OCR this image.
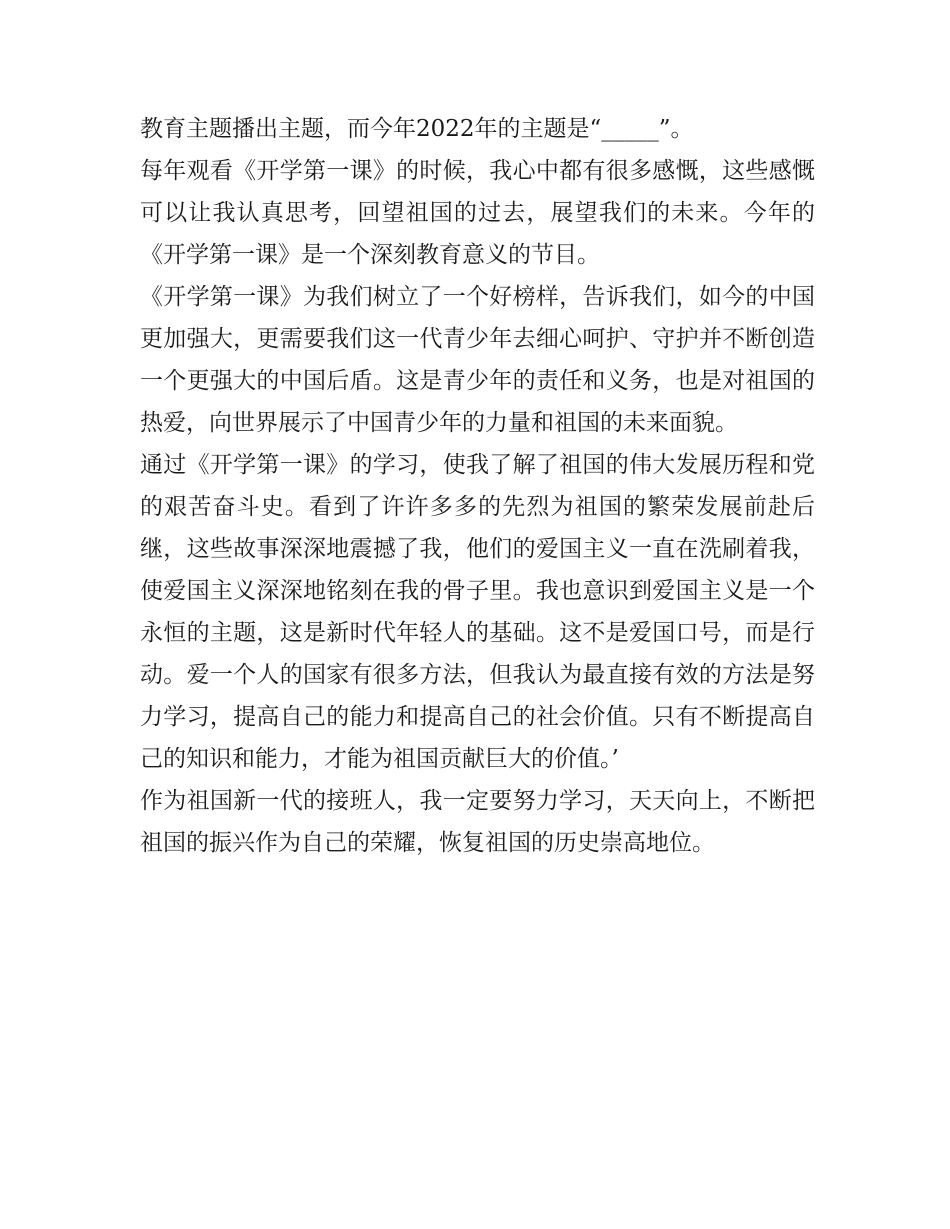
教育主题播出主题，而今年2022年的主题是“_____”。

每年观看《开学第一课》的时候，我心中都有很多感慨，这些感慨可以让我认真思考，回望祖国的过去，展望我们的未来。今年的《开学第一课》是一个深刻教育意义的节目。

《开学第一课》为我们树立了一个好榜样，告诉我们，如今的中国更加强大，更需要我们这一代青少年去细心呵护、守护并不断创造一个更强大的中国后盾。这是青少年的责任和义务，也是对祖国的热爱，向世界展示了中国青少年的力量和祖国的未来面貌。

通过《开学第一课》的学习，使我了解了祖国的伟大发展历程和党的艰苦奋斗史。看到了许许多多的先烈为祖国的繁荣发展前赴后继，这些故事深深地震撼了我，他们的爱国主义一直在洗刷着我，使爱国主义深深地铭刻在我的骨子里。我也意识到爱国主义是一个永恒的主题，这是新时代年轻人的基础。这不是爱国口号，而是行动。爱一个人的国家有很多方法，但我认为最直接有效的方法是努力学习，提高自己的能力和提高自己的社会价值。只有不断提高自己的知识和能力，才能为祖国贡献巨大的价值。’

作为祖国新一代的接班人，我一定要努力学习，天天向上，不断把祖国的振兴作为自己的荣耀，恢复祖国的历史崇高地位。
